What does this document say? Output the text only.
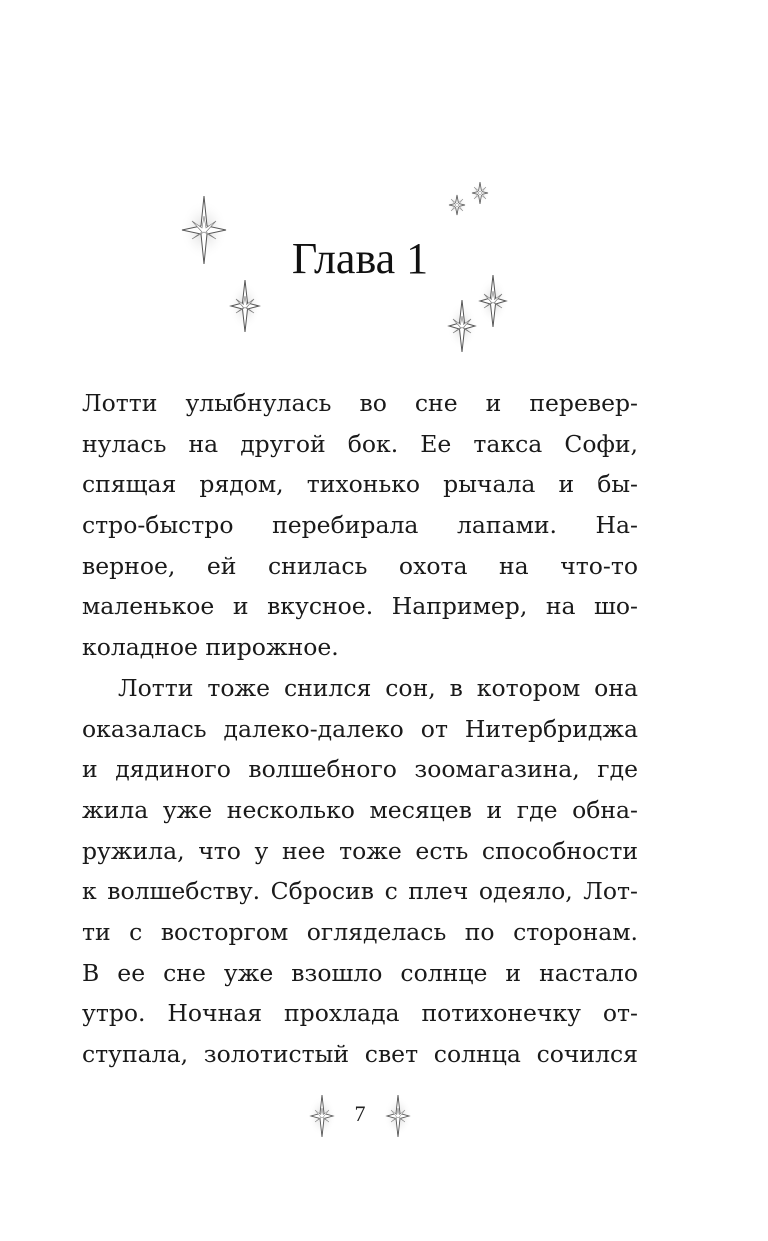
Глава 1
Лотти улыбнулась во сне и перевер-
нулась на другой бок. Ее такса Софи,
спящая рядом, тихонько рычала и бы-
стро-быстро перебирала лапами. На-
верное, ей снилась охота на что-то
маленькое и вкусное. Например, на шо-
коладное пирожное.
Лотти тоже снился сон, в котором она
оказалась далеко-далеко от Нитербриджа
и дядиного волшебного зоомагазина, где
жила уже несколько месяцев и где обна-
ружила, что у нее тоже есть способности
к волшебству. Сбросив с плеч одеяло, Лот-
ти с восторгом огляделась по сторонам.
В ее сне уже взошло солнце и настало
утро. Ночная прохлада потихонечку от-
ступала, золотистый свет солнца сочился
7
